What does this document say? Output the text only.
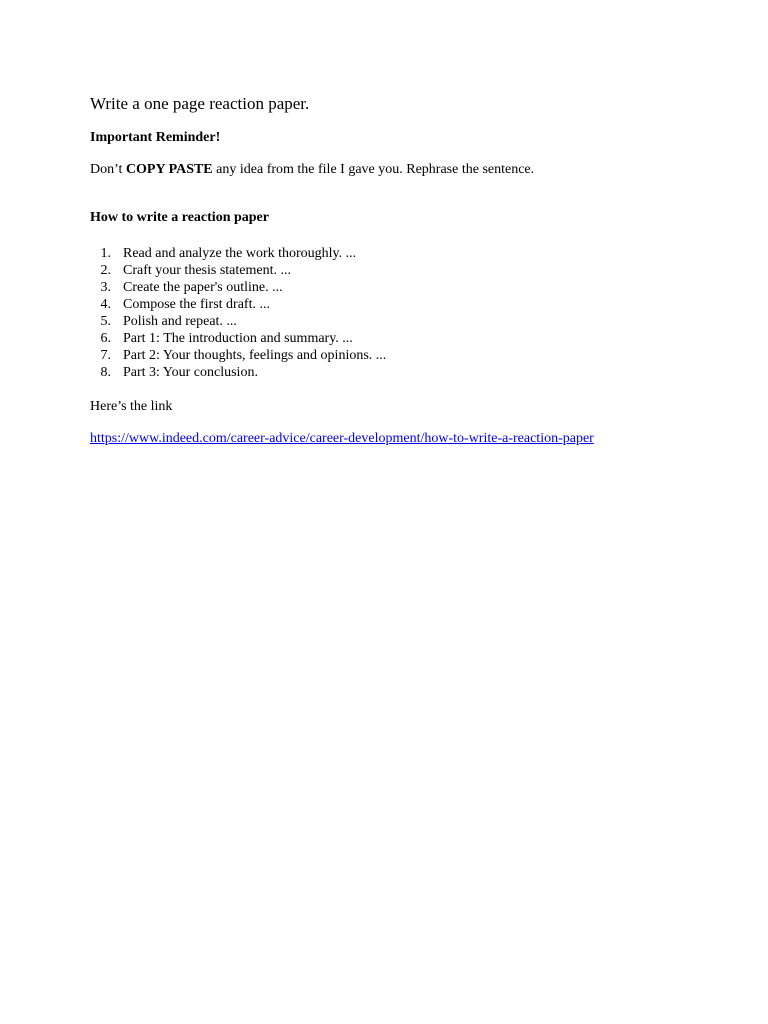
Write a one page reaction paper.

Important Reminder!

Don’t COPY PASTE any idea from the file I gave you. Rephrase the sentence.

How to write a reaction paper

1. Read and analyze the work thoroughly. ...
2. Craft your thesis statement. ...
3. Create the paper's outline. ...
4. Compose the first draft. ...
5. Polish and repeat. ...
6. Part 1: The introduction and summary. ...
7. Part 2: Your thoughts, feelings and opinions. ...
8. Part 3: Your conclusion.

Here’s the link

https://www.indeed.com/career-advice/career-development/how-to-write-a-reaction-paper
